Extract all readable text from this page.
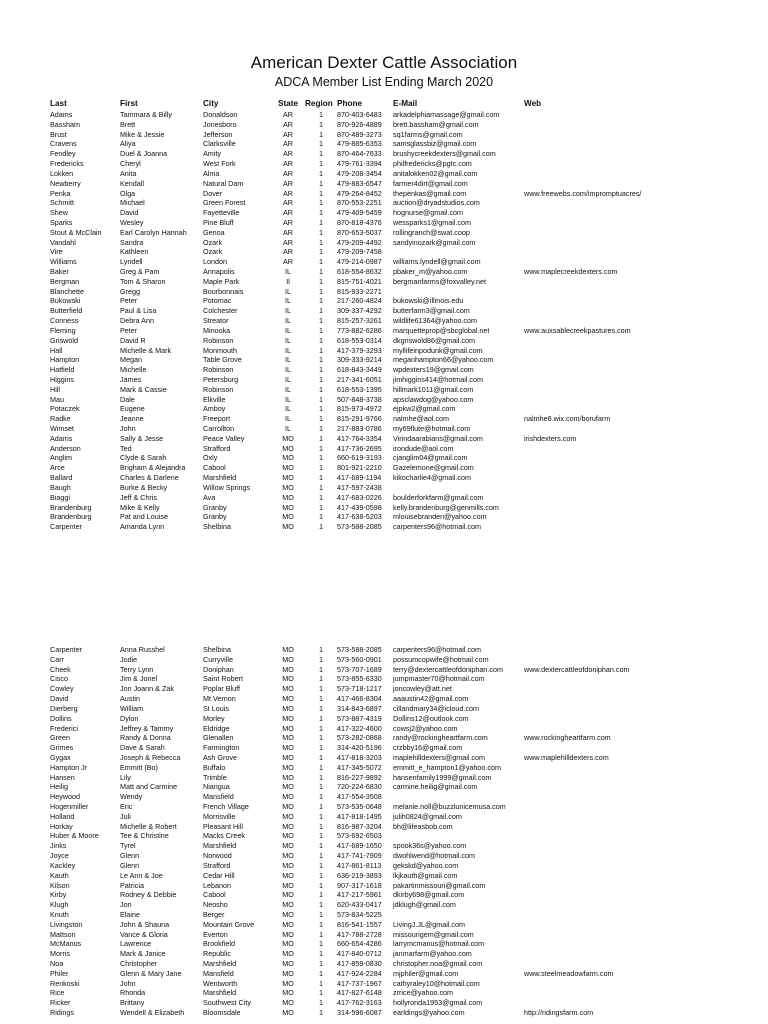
American Dexter Cattle Association
ADCA Member List Ending March 2020
Last	First	City	State	Region	Phone	E-Mail	Web
Adams	Tammara & Billy	Donaldson	AR	1	870-403-6483	arkadelphiamassage@gmail.com	
Bassham	Brett	Jonesboro	AR	1	870-926-4889	brett.bassham@gmail.com	
Brust	Mike & Jessie	Jefferson	AR	1	870-489-3273	sq1farms@gmail.com	
Cravens	Aliya	Clarksville	AR	1	479-885-6353	samsglassbiz@gmail.com	
Fendley	Duel & Joanna	Amity	AR	1	870-464-7633	brushycreekdexters@gmail.com	
Fredericks	Cheryl	West Fork	AR	1	479-761-3394	philfredericks@pgtc.com	
Lokken	Anita	Alma	AR	1	479-208-3454	anitalokken02@gmail.com	
Newberry	Kendall	Natural Dam	AR	1	479-883-6547	farmer4dirt@gmail.com	
Penka	Olga	Dover	AR	1	479-264-8452	thepenkas@gmail.com	www.freewebs.com/impromptuacres/
Schmitt	Michael	Green Forest	AR	1	870-553-2251	auction@dryadstudios.com	
Shew	David	Fayetteville	AR	1	479-409-5459	hognurse@gmail.com	
Sparks	Wesley	Pine Bluff	AR	1	870-818-4376	wessparks1@gmail.com	
Stout & McClain	Earl Carolyn Hannah	Genoa	AR	1	870-653-5037	rollingranch@swat.coop	
Vandahl	Sandra	Ozark	AR	1	479-209-4492	sandyinozark@gmail.com	
Vire	Kathleen	Ozark	AR	1	479-209-7458		
Williams	Lyndell	London	AR	1	479-214-0987	williams.lyndell@gmail.com	
Baker	Greg & Pam	Annapolis	IL	1	618-554-8632	pbaker_m@yahoo.com	www.maplecreekdexters.com
Bergman	Tom & Sharon	Maple Park	Il	1	815-751-4021	bergmanfarms@foxvalley.net	
Blanchette	Gregg	Bourbonnais	IL	1	815-933-2271		
Bukowski	Peter	Potomac	IL	1	217-260-4824	bukowski@illinois.edu	
Butterfield	Paul & Lisa	Colchester	IL	1	309-337-4292	butterfarm3@gmail.com	
Conness	Debra Ann	Streator	IL	1	815-257-3261	wildlife61364@yahoo.com	
Fleming	Peter	Minooka	IL	1	773-882-6286	marquetteprop@sbcglobal.net	www.auxsablecreekpastures.com
Griswold	David R	Robinson	IL	1	618-553-0314	dkgriswold86@gmail.com	
Hall	Michelle & Mark	Monmouth	IL	1	417-379-3293	myllifeinpodunk@gmail.com	
Hampton	Megan	Table Grove	IL	1	309-333-9214	meganhampton66@yahoo.com	
Hatfield	Michelle	Robinson	IL	1	618-843-3449	wpdexters19@gmail.com	
Higgins	James	Petersburg	IL	1	217-341-6051	jimhiggins414@hotmail.com	
Hill	Mark & Cassie	Robinson	IL	1	618-553-1395	hillmark1011@gmail.com	
Mau	Dale	Elkville	IL	1	507-848-3738	apsclawdog@yahoo.com	
Potaczek	Eugene	Amboy	IL	1	815-973-4972	ejpkw2@gmail.com	
Radke	Jeanne	Freeport	IL	1	815-291-9766	nalmhe@aol.com	nalmhe8.wix.com/borufarm
Wimset	John	Carrollton	IL	1	217-883-0786	my69flute@hotmail.com	
Adams	Sally & Jesse	Peace Valley	MO	1	417-764-3354	Virindaarabians@gmail.com	irishdexters.com
Anderson	Ted	Strafford	MO	1	417-736-2695	irondude@aol.com	
Anglim	Clyde & Sarah	Oxly	MO	1	660-619-3193	cjanglim04@gmail.com	
Arce	Brigham & Alejandra	Cabool	MO	1	801-921-2210	Gazelemone@gmail.com	
Ballard	Charles & Darlene	Marshfield	MO	1	417-689-1194	kikocharlie4@gmail.com	
Baugh	Burke & Becky	Willow Springs	MO	1	417-597-2438		
Biaggi	Jeff & Chris	Ava	MO	1	417-683-0226	boulderforkfarm@gmail.com	
Brandenburg	Mike & Kelly	Granby	MO	1	417-439-0598	kelly.brandenburg@genmills.com	
Brandenburg	Pat and Louise	Granby	MO	1	417-638-5203	mlouisebranden@yahoo.com	
Carpenter	Amanda Lynn	Shelbina	MO	1	573-588-2085	carpenters96@hotmail.com	
Carpenter	Anna Russhel	Shelbina	MO	1	573-588-2085	carpenters96@hotmail.com	
Carr	Jodie	Curryville	MO	1	573-560-0901	possumcopwife@hotmail.com	
Cheek	Terry Lynn	Doniphan	MO	1	573-707-1689	terry@dextercattleofdoniphan.com	www.dextercattleofdoniphan.com
Cisco	Jim & Jonel	Saint Robert	MO	1	573-855-6330	jumpmaster70@hotmail.com	
Cowley	Jon Joann & Zak	Poplar Bluff	MO	1	573-718-1217	joncowley@att.net	
David	Austin	Mt Vernon	MO	1	417-466-8304	aaaustin42@gmail.com	
Dierberg	William	St Louis	MO	1	314-843-6897	cillandmary34@icloud.com	
Dollins	Dylon	Morley	MO	1	573-887-4319	Dollins12@outlook.com	
Frederici	Jeffrey & Tammy	Eldridge	MO	1	417-322-4600	cowsj2@yahoo.com	
Green	Randy & Donna	Glenallen	MO	1	573-282-0868	randy@rockingheartfarm.com	www.rockingheartfarm.com
Grimes	Dave & Sarah	Farmington	MO	1	314-420-5196	crzbby16@gmail.com	
Gygax	Joseph & Rebecca	Ash Grove	MO	1	417-818-3203	maplehilldexters@gmail.com	www.maplehilldexters.com
Hampton Jr	Emmitt (Bo)	Buffalo	MO	1	417-345-5072	emmitt_e_hampton1@yahoo.com	
Hansen	Lily	Trimble	MO	1	816-227-9892	hansenfamily1999@gmail.com	
Heilig	Matt and Carmine	Niangua	MO	1	720-224-6830	carmine.heilig@gmail.com	
Heywood	Wendy	Mansfield	MO	1	417-554-3508		
Hogenmiller	Eric	French Village	MO	1	573-535-0648	melanie.noll@buzzlunicemusa.com	
Holland	Juli	Morrisville	MO	1	417-818-1495	julih0824@gmail.com	
Horkay	Michelle & Robert	Pleasant Hill	MO	1	816-987-3204	bh@lifeasbob.com	
Huber & Moore	Tee & Christine	Macks Creek	MO	1	573-692-6503		
Jinks	Tyrel	Marshfield	MO	1	417-689-1650	spook36s@yahoo.com	
Joyce	Glenn	Norwood	MO	1	417-741-7909	dwohlwend@hotmail.com	
Kackley	Glenn	Strafford	MO	1	417-861-8113	gekskd@yahoo.com	
Kauth	Le Ann & Joe	Cedar Hill	MO	1	636-219-3893	lkjkauth@gmail.com	
Kilson	Patricia	Lebanon	MO	1	907-317-1618	pakartinmissouri@gmail.com	
Kirby	Rodney & Debbie	Cabool	MO	1	417-217-5961	dkirby698@gmail.com	
Klugh	Jon	Neosho	MO	1	620-433-0417	jdklugh@gmail.com	
Knuth	Elaine	Berger	MO	1	573-834-5225		
Livingston	John & Shauna	Mountain Grove	MO	1	816-541-1557	LivingJ.JL@gmail.com	
Mattson	Vance & Gloria	Everton	MO	1	417-788-2728	missourigem@gmail.com	
McManus	Lawrence	Brookfield	MO	1	660-654-4286	larrymcmanus@hotmail.com	
Morris	Mark & Janice	Republic	MO	1	417-840-0712	janmarfarm@yahoo.com	
Noa	Christopher	Marshfield	MO	1	417-859-0830	christopher.noa@gmail.com	
Philer	Glenn & Mary Jane	Mansfield	MO	1	417-924-2284	mjphiler@gmail.com	www.steelmeadowfarm.com
Renkoski	John	Wentworth	MO	1	417-737-1967	cathyraley10@hotmail.com	
Rice	Rhonda	Marshfield	MO	1	417-827-6148	zrrice@yahoo.com	
Ricker	Brittany	Southwest City	MO	1	417-762-3163	hollyronda1953@gmail.com	
Ridings	Wendell & Elizabeth	Bloomsdale	MO	1	314-596-6087	earldings@yahoo.com	http://ridingsfarm.com
